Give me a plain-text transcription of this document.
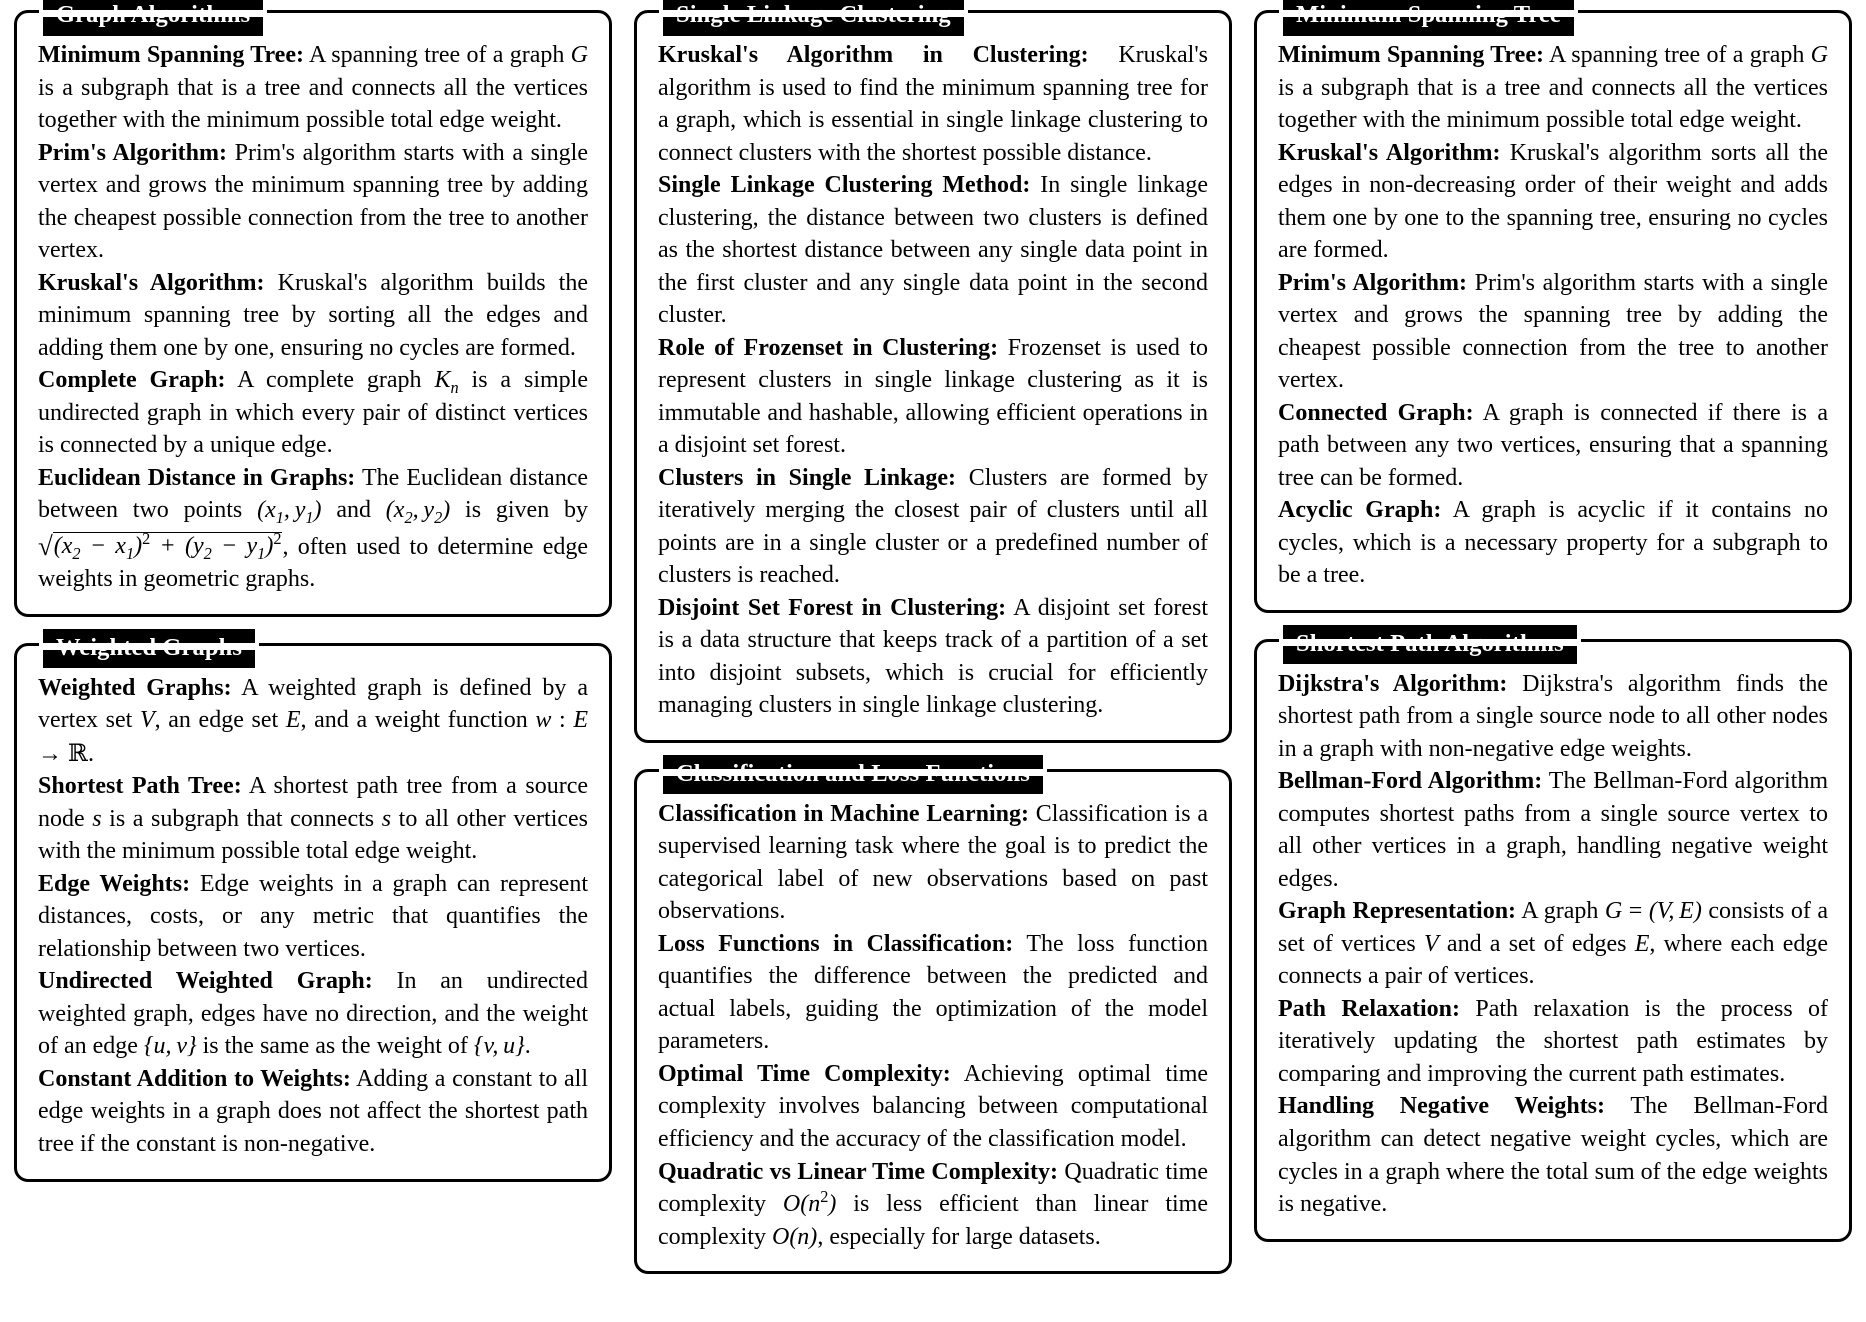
Graph Algorithms

Minimum Spanning Tree: A spanning tree of a graph G is a subgraph that is a tree and connects all the vertices together with the minimum possible total edge weight.

Prim's Algorithm: Prim's algorithm starts with a single vertex and grows the minimum spanning tree by adding the cheapest possible connection from the tree to another vertex.

Kruskal's Algorithm: Kruskal's algorithm builds the minimum spanning tree by sorting all the edges and adding them one by one, ensuring no cycles are formed.

Complete Graph: A complete graph $K_n$ is a simple undirected graph in which every pair of distinct vertices is connected by a unique edge.

Euclidean Distance in Graphs: The Euclidean distance between two points ($x_1$, $y_1$) and ($x_2$, $y_2$) is given by $√(x_2 - x_1)^2 + (y_2 - y_1)^2$, often used to determine edge weights in geometric graphs.

Weighted Graphs

Weighted Graphs: A weighted graph is defined by a vertex set V, an edge set E, and a weight function w : E → ℝ.

Shortest Path Tree: A shortest path tree from a source node s is a subgraph that connects s to all other vertices with the minimum possible total edge weight.

Edge Weights: Edge weights in a graph can represent distances, costs, or any metric that quantifies the relationship between two vertices.

Undirected Weighted Graph: In an undirected weighted graph, edges have no direction, and the weight of an edge {u, v} is the same as the weight of {v, u}.

Constant Addition to Weights: Adding a constant to all edge weights in a graph does not affect the shortest path tree if the constant is non-negative.

Single Linkage Clustering

Kruskal's Algorithm in Clustering: Kruskal's algorithm is used to find the minimum spanning tree for a graph, which is essential in single linkage clustering to connect clusters with the shortest possible distance.

Single Linkage Clustering Method: In single linkage clustering, the distance between two clusters is defined as the shortest distance between any single data point in the first cluster and any single data point in the second cluster.

Role of Frozenset in Clustering: Frozenset is used to represent clusters in single linkage clustering as it is immutable and hashable, allowing efficient operations in a disjoint set forest.

Clusters in Single Linkage: Clusters are formed by iteratively merging the closest pair of clusters until all points are in a single cluster or a predefined number of clusters is reached.

Disjoint Set Forest in Clustering: A disjoint set forest is a data structure that keeps track of a partition of a set into disjoint subsets, which is crucial for efficiently managing clusters in single linkage clustering.

Classification and Loss Functions

Classification in Machine Learning: Classification is a supervised learning task where the goal is to predict the categorical label of new observations based on past observations.

Loss Functions in Classification: The loss function quantifies the difference between the predicted and actual labels, guiding the optimization of the model parameters.

Optimal Time Complexity: Achieving optimal time complexity involves balancing between computational efficiency and the accuracy of the classification model.

Quadratic vs Linear Time Complexity: Quadratic time complexity $O(n^2)$ is less efficient than linear time complexity O(n), especially for large datasets.

Minimum Spanning Tree

Minimum Spanning Tree: A spanning tree of a graph G is a subgraph that is a tree and connects all the vertices together with the minimum possible total edge weight.

Kruskal's Algorithm: Kruskal's algorithm sorts all the edges in non-decreasing order of their weight and adds them one by one to the spanning tree, ensuring no cycles are formed.

Prim's Algorithm: Prim's algorithm starts with a single vertex and grows the spanning tree by adding the cheapest possible connection from the tree to another vertex.

Connected Graph: A graph is connected if there is a path between any two vertices, ensuring that a spanning tree can be formed.

Acyclic Graph: A graph is acyclic if it contains no cycles, which is a necessary property for a subgraph to be a tree.

Shortest Path Algorithms

Dijkstra's Algorithm: Dijkstra's algorithm finds the shortest path from a single source node to all other nodes in a graph with non-negative edge weights.

Bellman-Ford Algorithm: The Bellman-Ford algorithm computes shortest paths from a single source vertex to all other vertices in a graph, handling negative weight edges.

Graph Representation: A graph G = (V, E) consists of a set of vertices V and a set of edges E, where each edge connects a pair of vertices.

Path Relaxation: Path relaxation is the process of iteratively updating the shortest path estimates by comparing and improving the current path estimates.

Handling Negative Weights: The Bellman-Ford algorithm can detect negative weight cycles, which are cycles in a graph where the total sum of the edge weights is negative.
